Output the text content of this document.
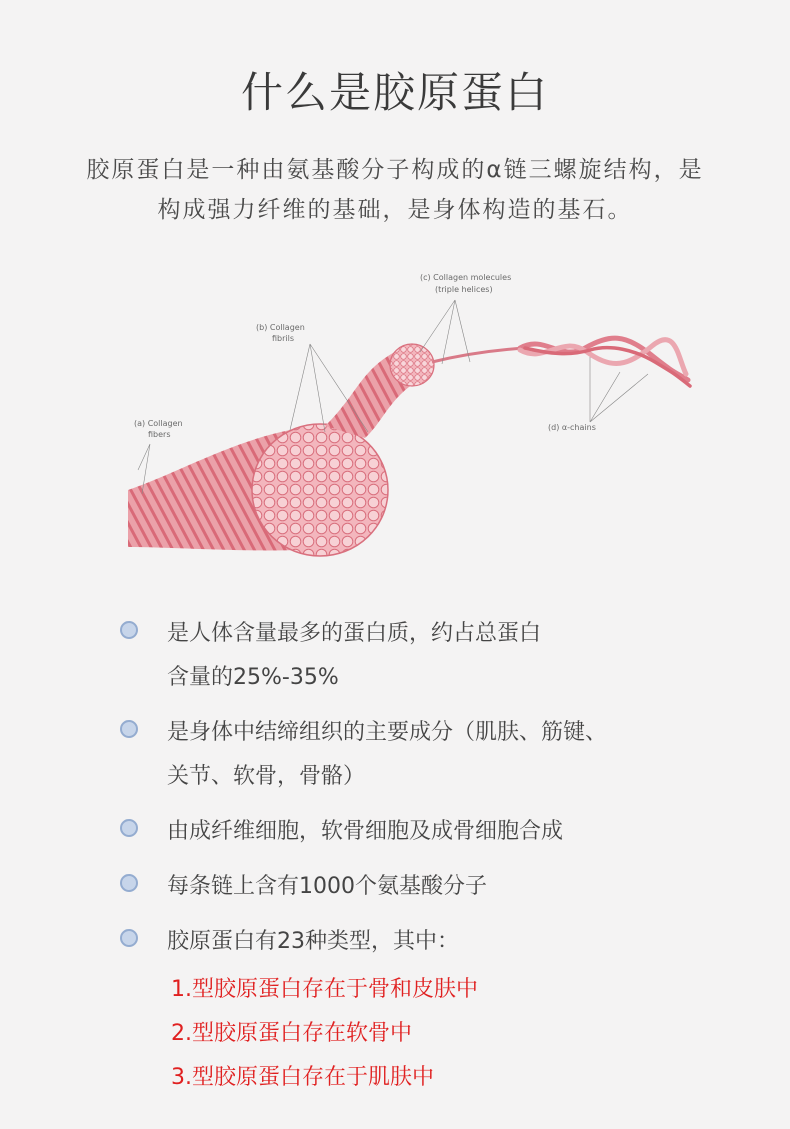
什么是胶原蛋白
胶原蛋白是一种由氨基酸分子构成的α链三螺旋结构，是
构成强力纤维的基础，是身体构造的基石。
(a) Collagen
fibers
(b) Collagen
fibrils
(c) Collagen molecules
(triple helices)
(d) α-chains
是人体含量最多的蛋白质，约占总蛋白
含量的25%-35%
是身体中结缔组织的主要成分（肌肤、筋键、
关节、软骨，骨骼）
由成纤维细胞，软骨细胞及成骨细胞合成
每条链上含有1000个氨基酸分子
胶原蛋白有23种类型，其中：
1.型胶原蛋白存在于骨和皮肤中
2.型胶原蛋白存在软骨中
3.型胶原蛋白存在于肌肤中
